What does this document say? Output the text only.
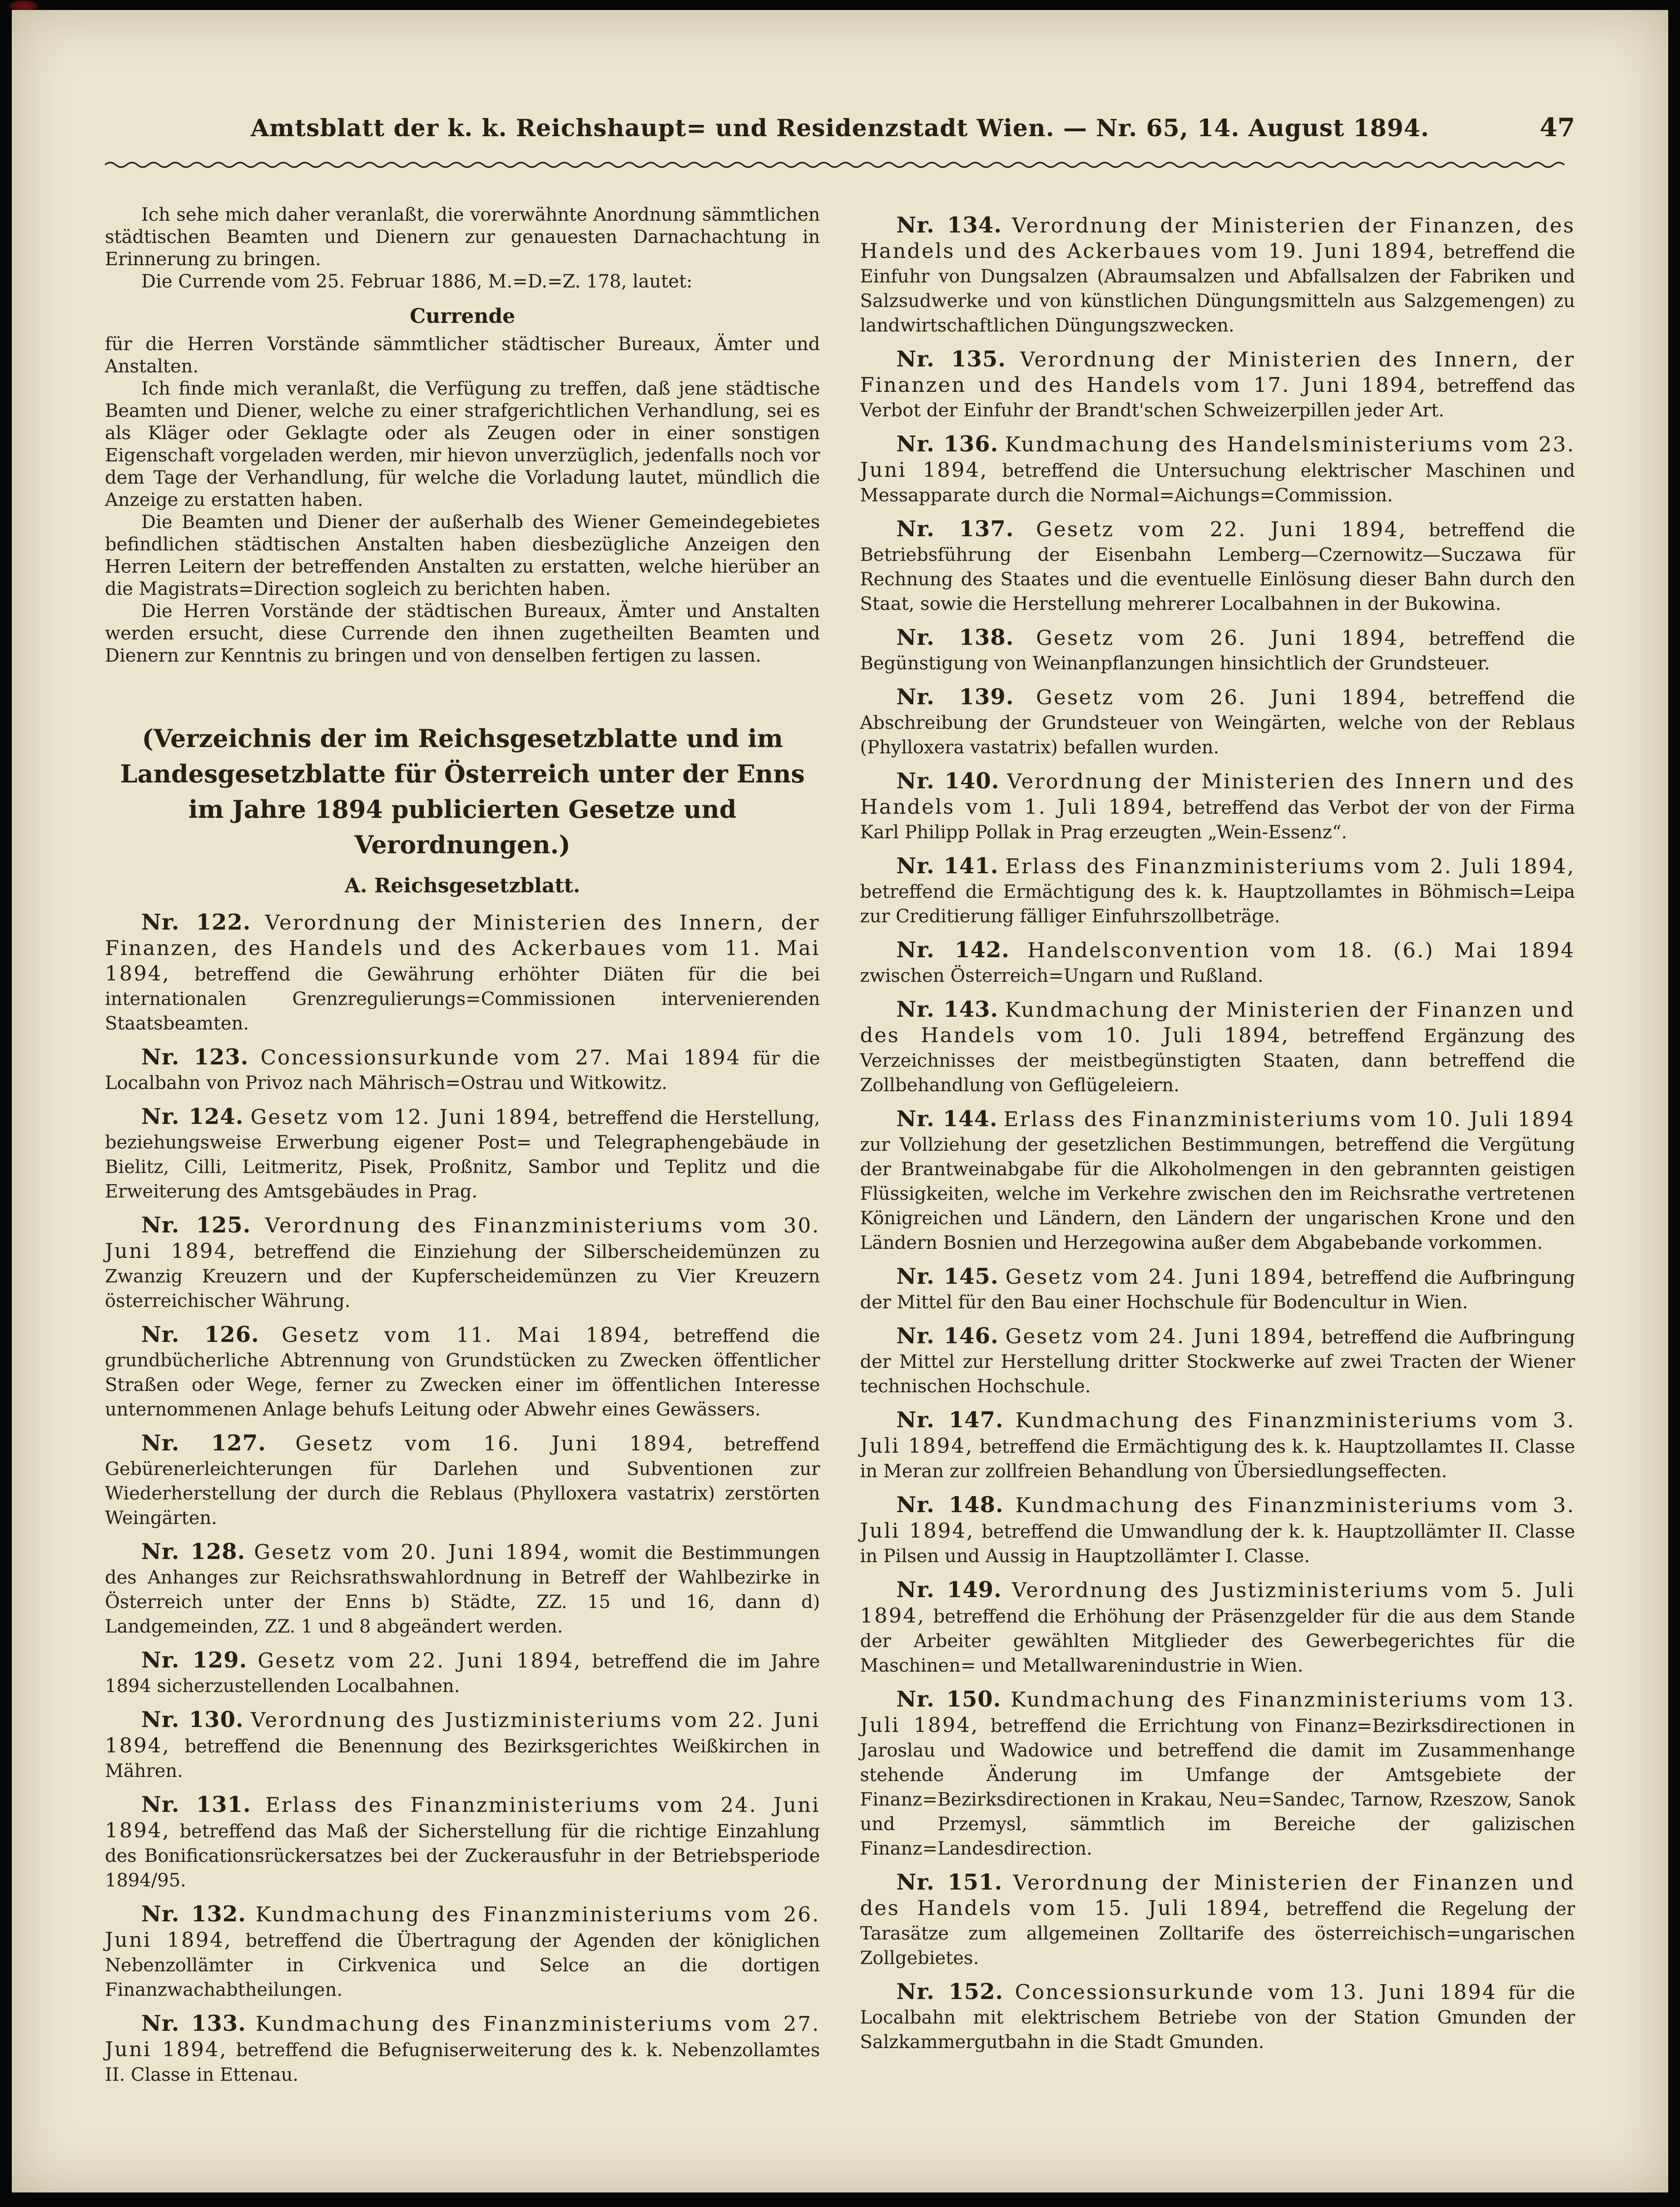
Amtsblatt der k. k. Reichshaupt= und Residenzstadt Wien. — Nr. 65, 14. August 1894.	47

Ich sehe mich daher veranlaßt, die vorerwähnte Anordnung sämmtlichen städtischen Beamten und Dienern zur genauesten Darnachachtung in Erinnerung zu bringen.

Die Currende vom 25. Februar 1886, M.=D.=Z. 178, lautet:

Currende

für die Herren Vorstände sämmtlicher städtischer Bureaux, Ämter und Anstalten.

Ich finde mich veranlaßt, die Verfügung zu treffen, daß jene städtische Beamten und Diener, welche zu einer strafgerichtlichen Verhandlung, sei es als Kläger oder Geklagte oder als Zeugen oder in einer sonstigen Eigenschaft vorgeladen werden, mir hievon unverzüglich, jedenfalls noch vor dem Tage der Verhandlung, für welche die Vorladung lautet, mündlich die Anzeige zu erstatten haben.

Die Beamten und Diener der außerhalb des Wiener Gemeindegebietes befindlichen städtischen Anstalten haben diesbezügliche Anzeigen den Herren Leitern der betreffenden Anstalten zu erstatten, welche hierüber an die Magistrats=Direction sogleich zu berichten haben.

Die Herren Vorstände der städtischen Bureaux, Ämter und Anstalten werden ersucht, diese Currende den ihnen zugetheilten Beamten und Dienern zur Kenntnis zu bringen und von denselben fertigen zu lassen.

(Verzeichnis der im Reichsgesetzblatte und im Landesgesetzblatte für Österreich unter der Enns im Jahre 1894 publicierten Gesetze und Verordnungen.)
A. Reichsgesetzblatt.

Nr. 122. Verordnung der Ministerien des Innern, der Finanzen, des Handels und des Ackerbaues vom 11. Mai 1894, betreffend die Gewährung erhöhter Diäten für die bei internationalen Grenzregulierungs=Commissionen intervenierenden Staatsbeamten.

Nr. 123. Concessionsurkunde vom 27. Mai 1894 für die Localbahn von Privoz nach Mährisch=Ostrau und Witkowitz.

Nr. 124. Gesetz vom 12. Juni 1894, betreffend die Herstellung, beziehungsweise Erwerbung eigener Post= und Telegraphengebäude in Bielitz, Cilli, Leitmeritz, Pisek, Proßnitz, Sambor und Teplitz und die Erweiterung des Amtsgebäudes in Prag.

Nr. 125. Verordnung des Finanzministeriums vom 30. Juni 1894, betreffend die Einziehung der Silberscheidemünzen zu Zwanzig Kreuzern und der Kupferscheidemünzen zu Vier Kreuzern österreichischer Währung.

Nr. 126. Gesetz vom 11. Mai 1894, betreffend die grundbücherliche Abtrennung von Grundstücken zu Zwecken öffentlicher Straßen oder Wege, ferner zu Zwecken einer im öffentlichen Interesse unternommenen Anlage behufs Leitung oder Abwehr eines Gewässers.

Nr. 127. Gesetz vom 16. Juni 1894, betreffend Gebürenerleichterungen für Darlehen und Subventionen zur Wiederherstellung der durch die Reblaus (Phylloxera vastatrix) zerstörten Weingärten.

Nr. 128. Gesetz vom 20. Juni 1894, womit die Bestimmungen des Anhanges zur Reichsrathswahlordnung in Betreff der Wahlbezirke in Österreich unter der Enns b) Städte, ZZ. 15 und 16, dann d) Landgemeinden, ZZ. 1 und 8 abgeändert werden.

Nr. 129. Gesetz vom 22. Juni 1894, betreffend die im Jahre 1894 sicherzustellenden Localbahnen.

Nr. 130. Verordnung des Justizministeriums vom 22. Juni 1894, betreffend die Benennung des Bezirksgerichtes Weißkirchen in Mähren.

Nr. 131. Erlass des Finanzministeriums vom 24. Juni 1894, betreffend das Maß der Sicherstellung für die richtige Einzahlung des Bonificationsrückersatzes bei der Zuckerausfuhr in der Betriebsperiode 1894/95.

Nr. 132. Kundmachung des Finanzministeriums vom 26. Juni 1894, betreffend die Übertragung der Agenden der königlichen Nebenzollämter in Cirkvenica und Selce an die dortigen Finanzwachabtheilungen.

Nr. 133. Kundmachung des Finanzministeriums vom 27. Juni 1894, betreffend die Befugniserweiterung des k. k. Nebenzollamtes II. Classe in Ettenau.

Nr. 134. Verordnung der Ministerien der Finanzen, des Handels und des Ackerbaues vom 19. Juni 1894, betreffend die Einfuhr von Dungsalzen (Abraumsalzen und Abfallsalzen der Fabriken und Salzsudwerke und von künstlichen Düngungsmitteln aus Salzgemengen) zu landwirtschaftlichen Düngungszwecken.

Nr. 135. Verordnung der Ministerien des Innern, der Finanzen und des Handels vom 17. Juni 1894, betreffend das Verbot der Einfuhr der Brandt'schen Schweizerpillen jeder Art.

Nr. 136. Kundmachung des Handelsministeriums vom 23. Juni 1894, betreffend die Untersuchung elektrischer Maschinen und Messapparate durch die Normal=Aichungs=Commission.

Nr. 137. Gesetz vom 22. Juni 1894, betreffend die Betriebsführung der Eisenbahn Lemberg—Czernowitz—Suczawa für Rechnung des Staates und die eventuelle Einlösung dieser Bahn durch den Staat, sowie die Herstellung mehrerer Localbahnen in der Bukowina.

Nr. 138. Gesetz vom 26. Juni 1894, betreffend die Begünstigung von Weinanpflanzungen hinsichtlich der Grundsteuer.

Nr. 139. Gesetz vom 26. Juni 1894, betreffend die Abschreibung der Grundsteuer von Weingärten, welche von der Reblaus (Phylloxera vastatrix) befallen wurden.

Nr. 140. Verordnung der Ministerien des Innern und des Handels vom 1. Juli 1894, betreffend das Verbot der von der Firma Karl Philipp Pollak in Prag erzeugten „Wein-Essenz“.

Nr. 141. Erlass des Finanzministeriums vom 2. Juli 1894, betreffend die Ermächtigung des k. k. Hauptzollamtes in Böhmisch=Leipa zur Creditierung fälliger Einfuhrszollbeträge.

Nr. 142. Handelsconvention vom 18. (6.) Mai 1894 zwischen Österreich=Ungarn und Rußland.

Nr. 143. Kundmachung der Ministerien der Finanzen und des Handels vom 10. Juli 1894, betreffend Ergänzung des Verzeichnisses der meistbegünstigten Staaten, dann betreffend die Zollbehandlung von Geflügeleiern.

Nr. 144. Erlass des Finanzministeriums vom 10. Juli 1894 zur Vollziehung der gesetzlichen Bestimmungen, betreffend die Vergütung der Brantweinabgabe für die Alkoholmengen in den gebrannten geistigen Flüssigkeiten, welche im Verkehre zwischen den im Reichsrathe vertretenen Königreichen und Ländern, den Ländern der ungarischen Krone und den Ländern Bosnien und Herzegowina außer dem Abgabebande vorkommen.

Nr. 145. Gesetz vom 24. Juni 1894, betreffend die Aufbringung der Mittel für den Bau einer Hochschule für Bodencultur in Wien.

Nr. 146. Gesetz vom 24. Juni 1894, betreffend die Aufbringung der Mittel zur Herstellung dritter Stockwerke auf zwei Tracten der Wiener technischen Hochschule.

Nr. 147. Kundmachung des Finanzministeriums vom 3. Juli 1894, betreffend die Ermächtigung des k. k. Hauptzollamtes II. Classe in Meran zur zollfreien Behandlung von Übersiedlungseffecten.

Nr. 148. Kundmachung des Finanzministeriums vom 3. Juli 1894, betreffend die Umwandlung der k. k. Hauptzollämter II. Classe in Pilsen und Aussig in Hauptzollämter I. Classe.

Nr. 149. Verordnung des Justizministeriums vom 5. Juli 1894, betreffend die Erhöhung der Präsenzgelder für die aus dem Stande der Arbeiter gewählten Mitglieder des Gewerbegerichtes für die Maschinen= und Metallwarenindustrie in Wien.

Nr. 150. Kundmachung des Finanzministeriums vom 13. Juli 1894, betreffend die Errichtung von Finanz=Bezirksdirectionen in Jaroslau und Wadowice und betreffend die damit im Zusammenhange stehende Änderung im Umfange der Amtsgebiete der Finanz=Bezirksdirectionen in Krakau, Neu=Sandec, Tarnow, Rzeszow, Sanok und Przemysl, sämmtlich im Bereiche der galizischen Finanz=Landesdirection.

Nr. 151. Verordnung der Ministerien der Finanzen und des Handels vom 15. Juli 1894, betreffend die Regelung der Tarasätze zum allgemeinen Zolltarife des österreichisch=ungarischen Zollgebietes.

Nr. 152. Concessionsurkunde vom 13. Juni 1894 für die Localbahn mit elektrischem Betriebe von der Station Gmunden der Salzkammergutbahn in die Stadt Gmunden.
